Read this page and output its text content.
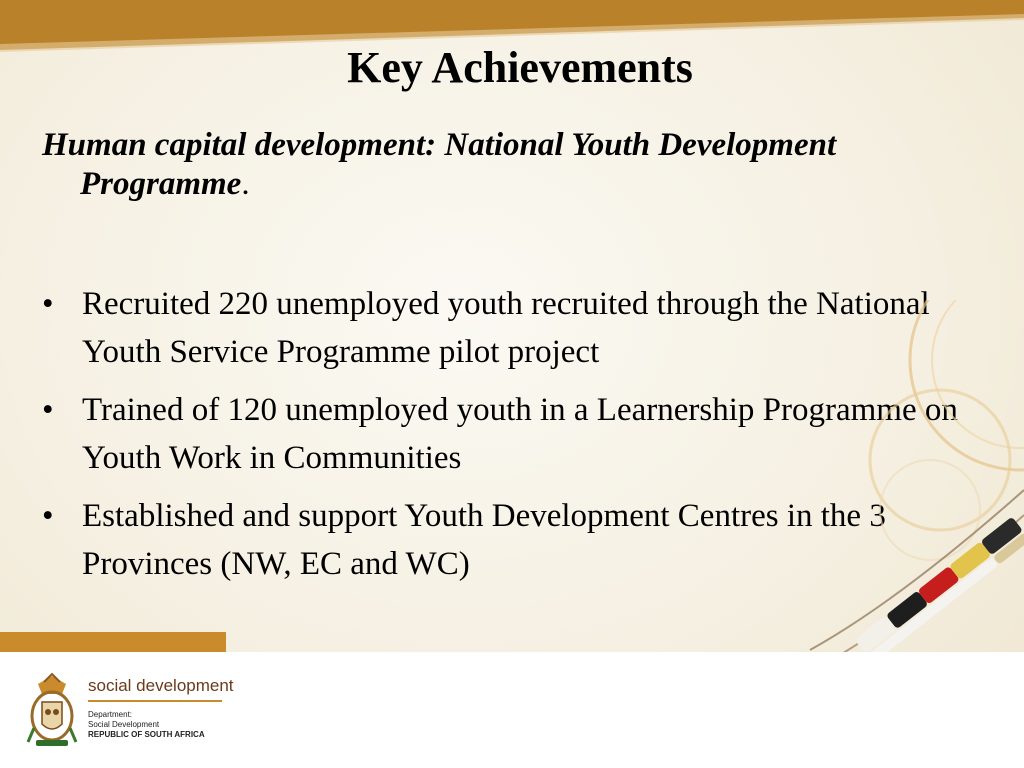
Key Achievements
Human capital development: National Youth Development Programme.
• Recruited 220 unemployed youth recruited through the National Youth Service Programme pilot project
• Trained of 120 unemployed youth in a Learnership Programme on Youth Work in Communities
• Established and support Youth Development Centres in the 3 Provinces (NW, EC and WC)
social development
Department:
Social Development
REPUBLIC OF SOUTH AFRICA
